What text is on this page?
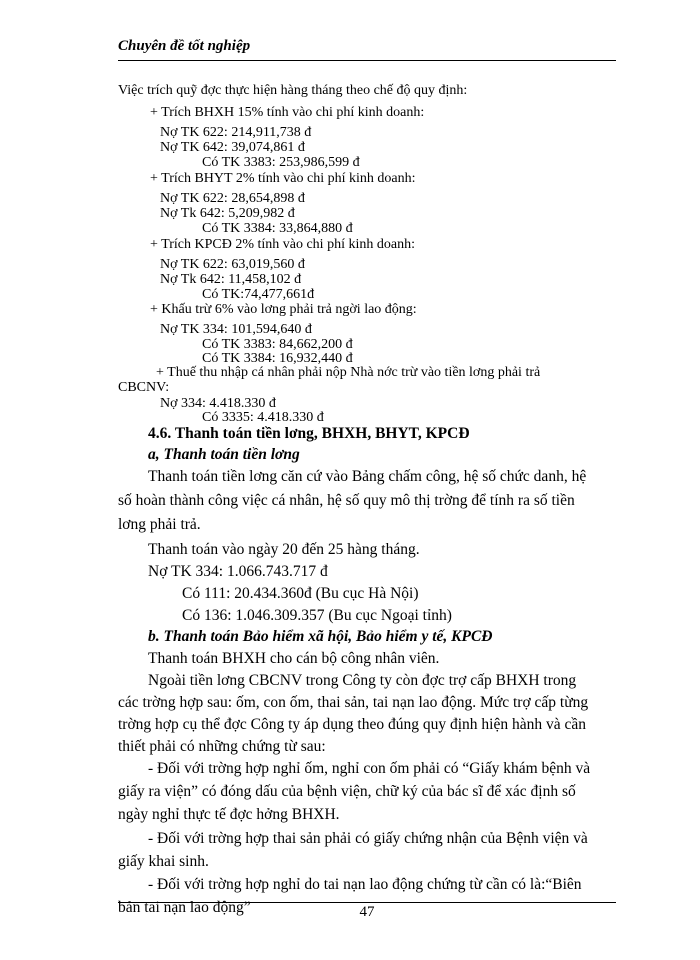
Chuyên đề tốt nghiệp
Việc trích quỹ đợc thực hiện hàng tháng theo chế độ quy định:
+ Trích BHXH 15% tính vào chi phí kinh doanh:
Nợ TK 622: 214,911,738 đ
Nợ TK 642: 39,074,861 đ
Có TK 3383: 253,986,599 đ
+ Trích BHYT 2% tính vào chi phí kinh doanh:
Nợ TK 622: 28,654,898 đ
Nợ Tk 642: 5,209,982 đ
Có TK 3384: 33,864,880 đ
+ Trích KPCĐ 2% tính vào chi phí kinh doanh:
Nợ TK 622: 63,019,560 đ
Nợ Tk 642: 11,458,102 đ
Có TK:74,477,661đ
+ Khấu trừ 6% vào lơng phải trả ngời lao động:
Nợ TK 334: 101,594,640 đ
Có TK 3383: 84,662,200 đ
Có TK 3384: 16,932,440 đ
+ Thuế thu nhập cá nhân phải nộp Nhà nớc trừ vào tiền lơng phải trả
CBCNV:
Nợ 334: 4.418.330 đ
Có 3335: 4.418.330 đ
4.6. Thanh toán tiền lơng, BHXH, BHYT, KPCĐ
a, Thanh toán tiền lơng
Thanh toán tiền lơng căn cứ vào Bảng chấm công, hệ số chức danh, hệ
số hoàn thành công việc cá nhân, hệ số quy mô thị trờng để tính ra số tiền
lơng phải trả.
Thanh toán vào ngày 20 đến 25 hàng tháng.
Nợ TK 334: 1.066.743.717 đ
Có 111: 20.434.360đ (Bu cục Hà Nội)
Có 136: 1.046.309.357 (Bu cục Ngoại tỉnh)
b. Thanh toán Bảo hiểm xã hội, Bảo hiểm y tế, KPCĐ
Thanh toán BHXH cho cán bộ công nhân viên.
Ngoài tiền lơng CBCNV trong Công ty còn đợc trợ cấp BHXH trong
các trờng hợp sau: ốm, con ốm, thai sản, tai nạn lao động. Mức trợ cấp từng
trờng hợp cụ thể đợc Công ty áp dụng theo đúng quy định hiện hành và cần
thiết phải có những chứng từ sau:
- Đối với trờng hợp nghỉ ốm, nghỉ con ốm phải có “Giấy khám bệnh và
giấy ra viện” có đóng dấu của bệnh viện, chữ ký của bác sĩ để xác định số
ngày nghỉ thực tế đợc hởng BHXH.
- Đối với trờng hợp thai sản phải có giấy chứng nhận của Bệnh viện và
giấy khai sinh.
- Đối với trờng hợp nghỉ do tai nạn lao động chứng từ cần có là:“Biên
bản tai nạn lao động”	47
